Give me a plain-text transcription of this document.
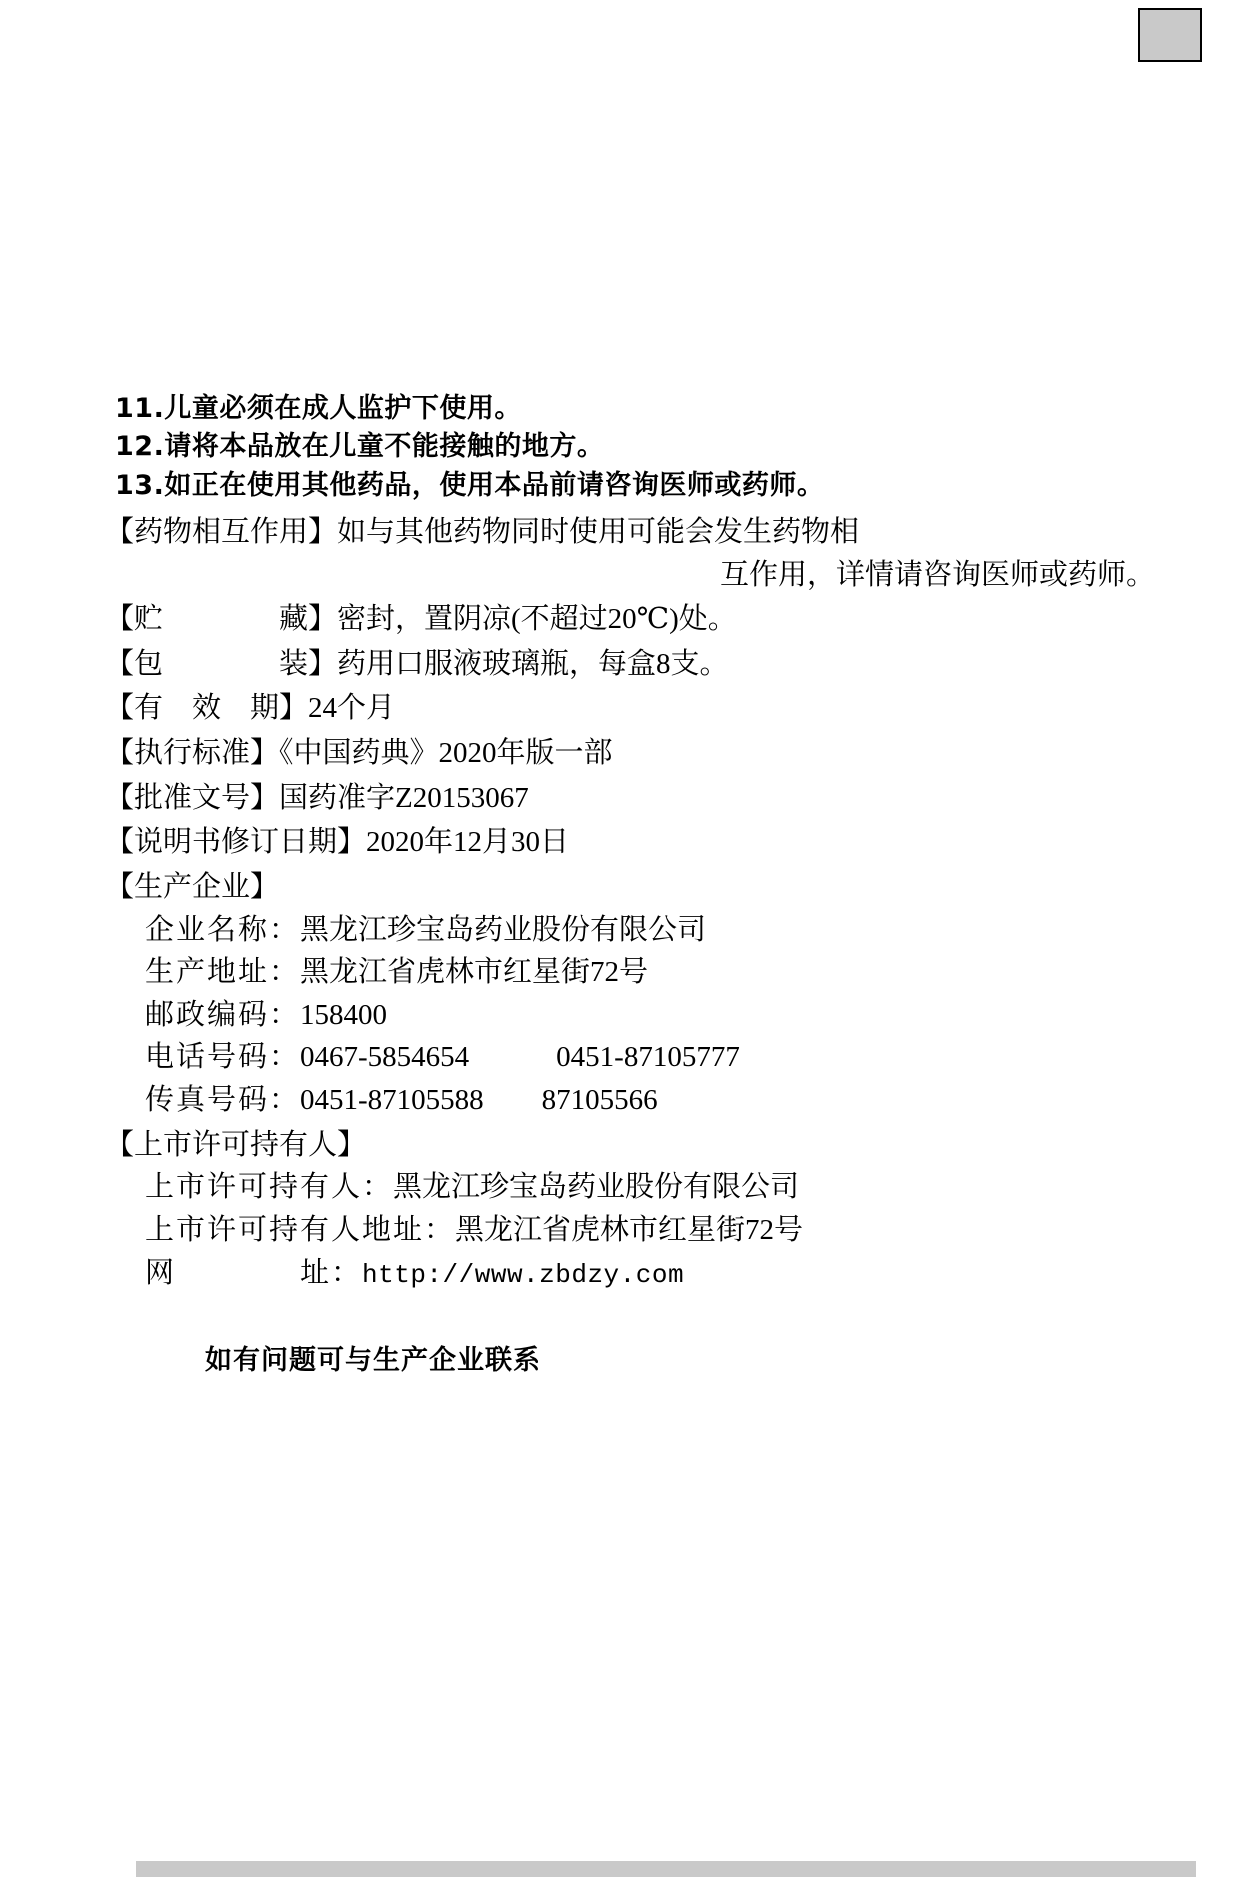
11.儿童必须在成人监护下使用。
12.请将本品放在儿童不能接触的地方。
13.如正在使用其他药品，使用本品前请咨询医师或药师。
【药物相互作用】如与其他药物同时使用可能会发生药物相
互作用，详情请咨询医师或药师。
【贮　　　　藏】密封，置阴凉(不超过20℃)处。
【包　　　　装】药用口服液玻璃瓶，每盒8支。
【有　效　期】24个月
【执行标准】《中国药典》2020年版一部
【批准文号】国药准字Z20153067
【说明书修订日期】2020年12月30日
【生产企业】
企业名称：黑龙江珍宝岛药业股份有限公司
生产地址：黑龙江省虎林市红星街72号
邮政编码：158400
电话号码：0467-5854654　　　0451-87105777
传真号码：0451-87105588　　87105566
【上市许可持有人】
上市许可持有人：黑龙江珍宝岛药业股份有限公司
上市许可持有人地址：黑龙江省虎林市红星街72号
网　　　　址：http://www.zbdzy.com
如有问题可与生产企业联系
